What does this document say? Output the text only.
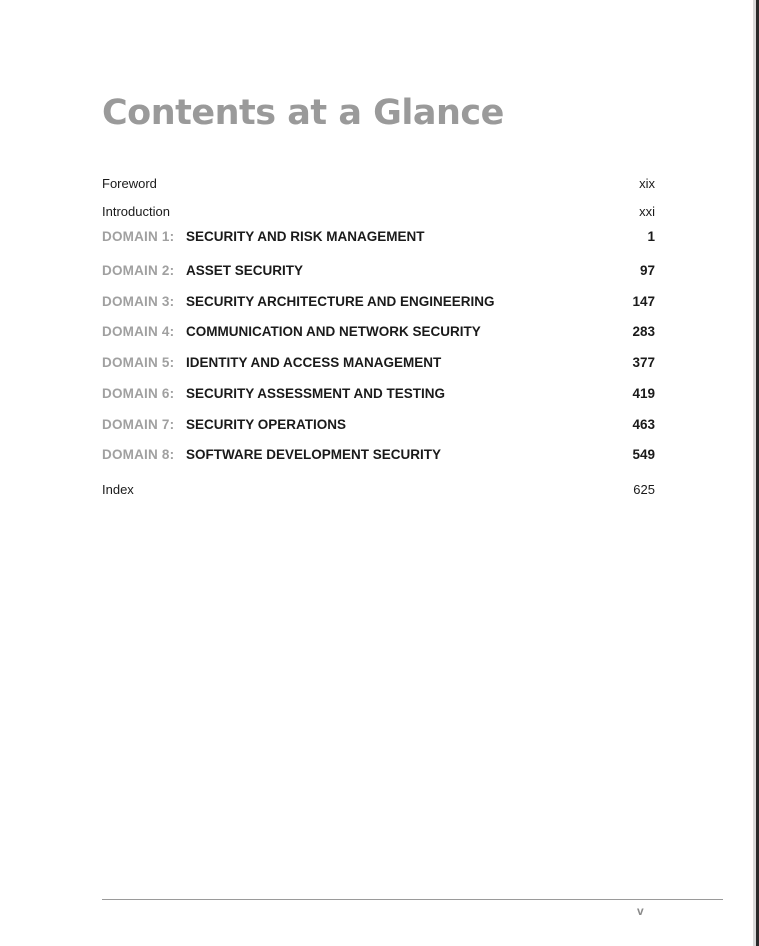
Contents at a Glance
Foreword	xix
Introduction	xxi
DOMAIN 1: SECURITY AND RISK MANAGEMENT	1
DOMAIN 2: ASSET SECURITY	97
DOMAIN 3: SECURITY ARCHITECTURE AND ENGINEERING	147
DOMAIN 4: COMMUNICATION AND NETWORK SECURITY	283
DOMAIN 5: IDENTITY AND ACCESS MANAGEMENT	377
DOMAIN 6: SECURITY ASSESSMENT AND TESTING	419
DOMAIN 7: SECURITY OPERATIONS	463
DOMAIN 8: SOFTWARE DEVELOPMENT SECURITY	549
Index	625
v
